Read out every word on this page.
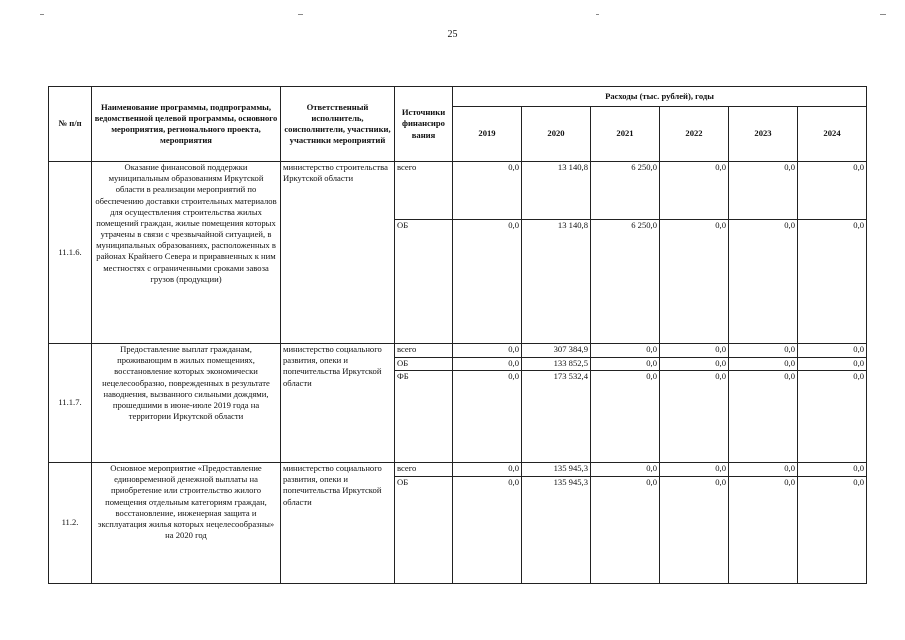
25
№ п/п	Наименование программы, подпрограммы, ведомственной целевой программы, основного мероприятия, регионального проекта, мероприятия	Ответственный исполнитель, соисполнители, участники, участники мероприятий	Источники финансиро вания	Расходы (тыс. рублей), годы					
				2019	2020	2021	2022	2023	2024
11.1.6.	Оказание финансовой поддержки муниципальным образованиям Иркутской области в реализации мероприятий по обеспечению доставки строительных материалов для осуществления строительства жилых помещений граждан, жилые помещения которых утрачены в связи с чрезвычайной ситуацией, в муниципальных образованиях, расположенных в районах Крайнего Севера и приравненных к ним местностях с ограниченными сроками завоза грузов (продукции)	министерство строительства Иркутской области	всего	0,0	13 140,8	6 250,0	0,0	0,0	0,0
			ОБ	0,0	13 140,8	6 250,0	0,0	0,0	0,0
11.1.7.	Предоставление выплат гражданам, проживающим в жилых помещениях, восстановление которых экономически нецелесообразно, поврежденных в результате наводнения, вызванного сильными дождями, прошедшими в июне-июле 2019 года на территории Иркутской области	министерство социального развития, опеки и попечительства Иркутской области	всего	0,0	307 384,9	0,0	0,0	0,0	0,0
			ОБ	0,0	133 852,5	0,0	0,0	0,0	0,0
			ФБ	0,0	173 532,4	0,0	0,0	0,0	0,0
11.2.	Основное мероприятие «Предоставление единовременной денежной выплаты на приобретение или строительство жилого помещения отдельным категориям граждан, восстановление, инженерная защита и эксплуатация жилья которых нецелесообразны» на 2020 год	министерство социального развития, опеки и попечительства Иркутской области	всего	0,0	135 945,3	0,0	0,0	0,0	0,0
			ОБ	0,0	135 945,3	0,0	0,0	0,0	0,0
